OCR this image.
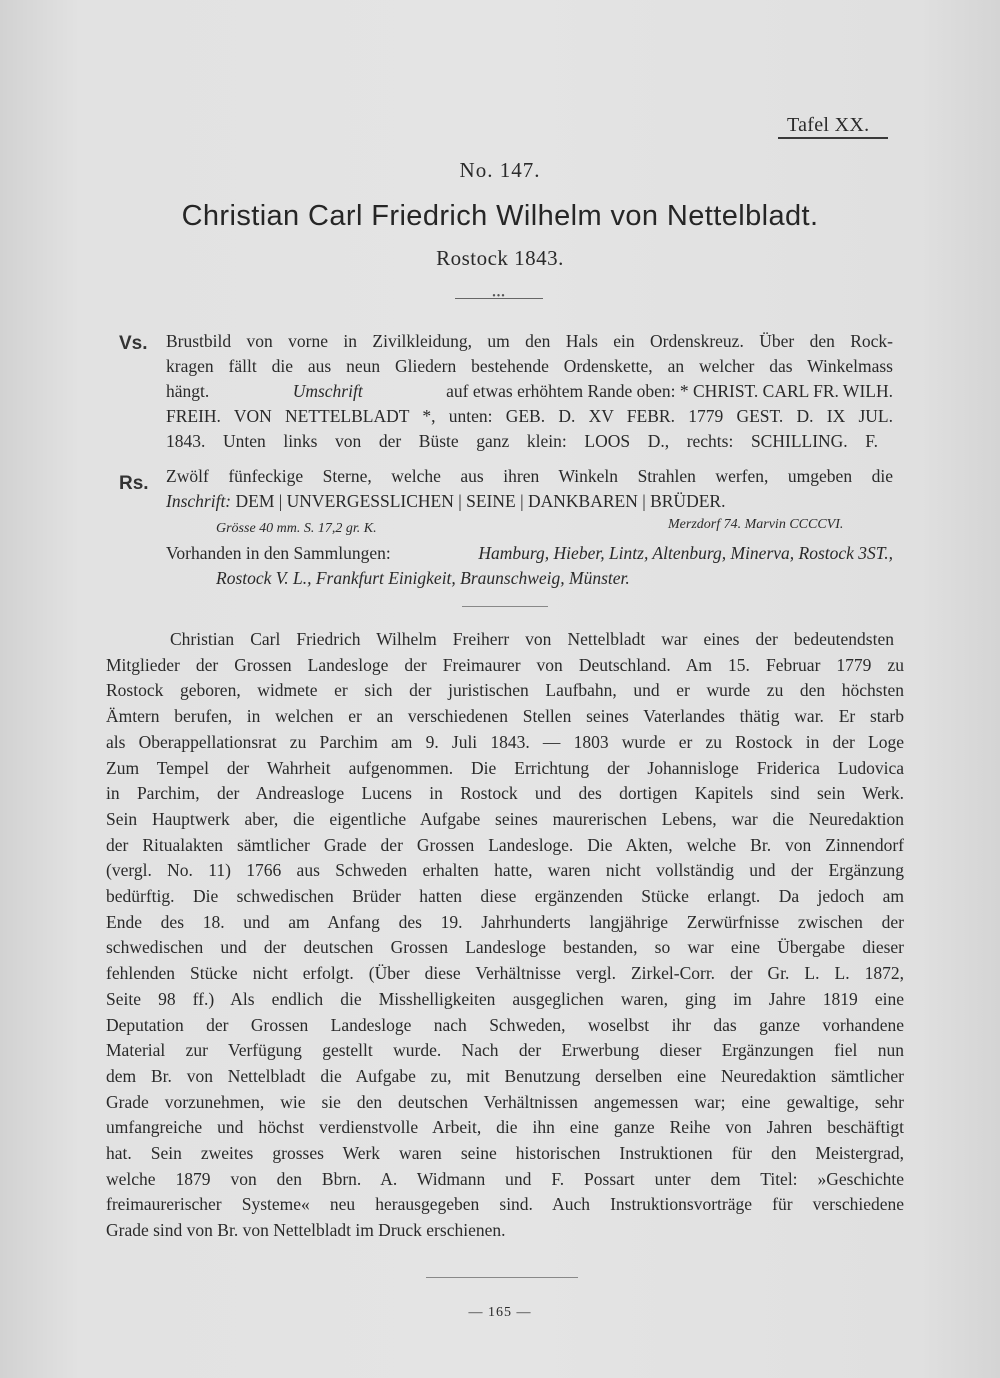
Tafel XX.
No. 147.
Christian Carl Friedrich Wilhelm von Nettelbladt.
Rostock 1843.
•••
Vs. Brustbild von vorne in Zivilkleidung, um den Hals ein Ordenskreuz. Über den Rock-
kragen fällt die aus neun Gliedern bestehende Ordenskette, an welcher das Winkelmass
hängt.	Umschrift	auf etwas erhöhtem Rande oben: * CHRIST. CARL FR. WILH.
FREIH. VON NETTELBLADT *, unten: GEB. D. XV FEBR. 1779 GEST. D. IX JUL.
1843. Unten links von der Büste ganz klein: LOOS D., rechts: SCHILLING. F.
Rs. Zwölf fünfeckige Sterne, welche aus ihren Winkeln Strahlen werfen, umgeben die
Inschrift: DEM | UNVERGESSLICHEN | SEINE | DANKBAREN | BRÜDER.
Grösse 40 mm. S. 17,2 gr. K.	Merzdorf 74. Marvin CCCCVI.
Vorhanden in den Sammlungen:	Hamburg, Hieber, Lintz, Altenburg, Minerva, Rostock 3ST.,
Rostock V. L., Frankfurt Einigkeit, Braunschweig, Münster.
Christian Carl Friedrich Wilhelm Freiherr von Nettelbladt war eines der bedeutendsten
Mitglieder der Grossen Landesloge der Freimaurer von Deutschland. Am 15. Februar 1779 zu
Rostock geboren, widmete er sich der juristischen Laufbahn, und er wurde zu den höchsten
Ämtern berufen, in welchen er an verschiedenen Stellen seines Vaterlandes thätig war. Er starb
als Oberappellationsrat zu Parchim am 9. Juli 1843. — 1803 wurde er zu Rostock in der Loge
Zum Tempel der Wahrheit aufgenommen. Die Errichtung der Johannisloge Friderica Ludovica
in Parchim, der Andreasloge Lucens in Rostock und des dortigen Kapitels sind sein Werk.
Sein Hauptwerk aber, die eigentliche Aufgabe seines maurerischen Lebens, war die Neuredaktion
der Ritualakten sämtlicher Grade der Grossen Landesloge. Die Akten, welche Br. von Zinnendorf
(vergl. No. 11) 1766 aus Schweden erhalten hatte, waren nicht vollständig und der Ergänzung
bedürftig. Die schwedischen Brüder hatten diese ergänzenden Stücke erlangt. Da jedoch am
Ende des 18. und am Anfang des 19. Jahrhunderts langjährige Zerwürfnisse zwischen der
schwedischen und der deutschen Grossen Landesloge bestanden, so war eine Übergabe dieser
fehlenden Stücke nicht erfolgt. (Über diese Verhältnisse vergl. Zirkel-Corr. der Gr. L. L. 1872,
Seite 98 ff.) Als endlich die Misshelligkeiten ausgeglichen waren, ging im Jahre 1819 eine
Deputation der Grossen Landesloge nach Schweden, woselbst ihr das ganze vorhandene
Material zur Verfügung gestellt wurde. Nach der Erwerbung dieser Ergänzungen fiel nun
dem Br. von Nettelbladt die Aufgabe zu, mit Benutzung derselben eine Neuredaktion sämtlicher
Grade vorzunehmen, wie sie den deutschen Verhältnissen angemessen war; eine gewaltige, sehr
umfangreiche und höchst verdienstvolle Arbeit, die ihn eine ganze Reihe von Jahren beschäftigt
hat. Sein zweites grosses Werk waren seine historischen Instruktionen für den Meistergrad,
welche 1879 von den Bbrn. A. Widmann und F. Possart unter dem Titel: »Geschichte
freimaurerischer Systeme« neu herausgegeben sind. Auch Instruktionsvorträge für verschiedene
Grade sind von Br. von Nettelbladt im Druck erschienen.
— 165 —
